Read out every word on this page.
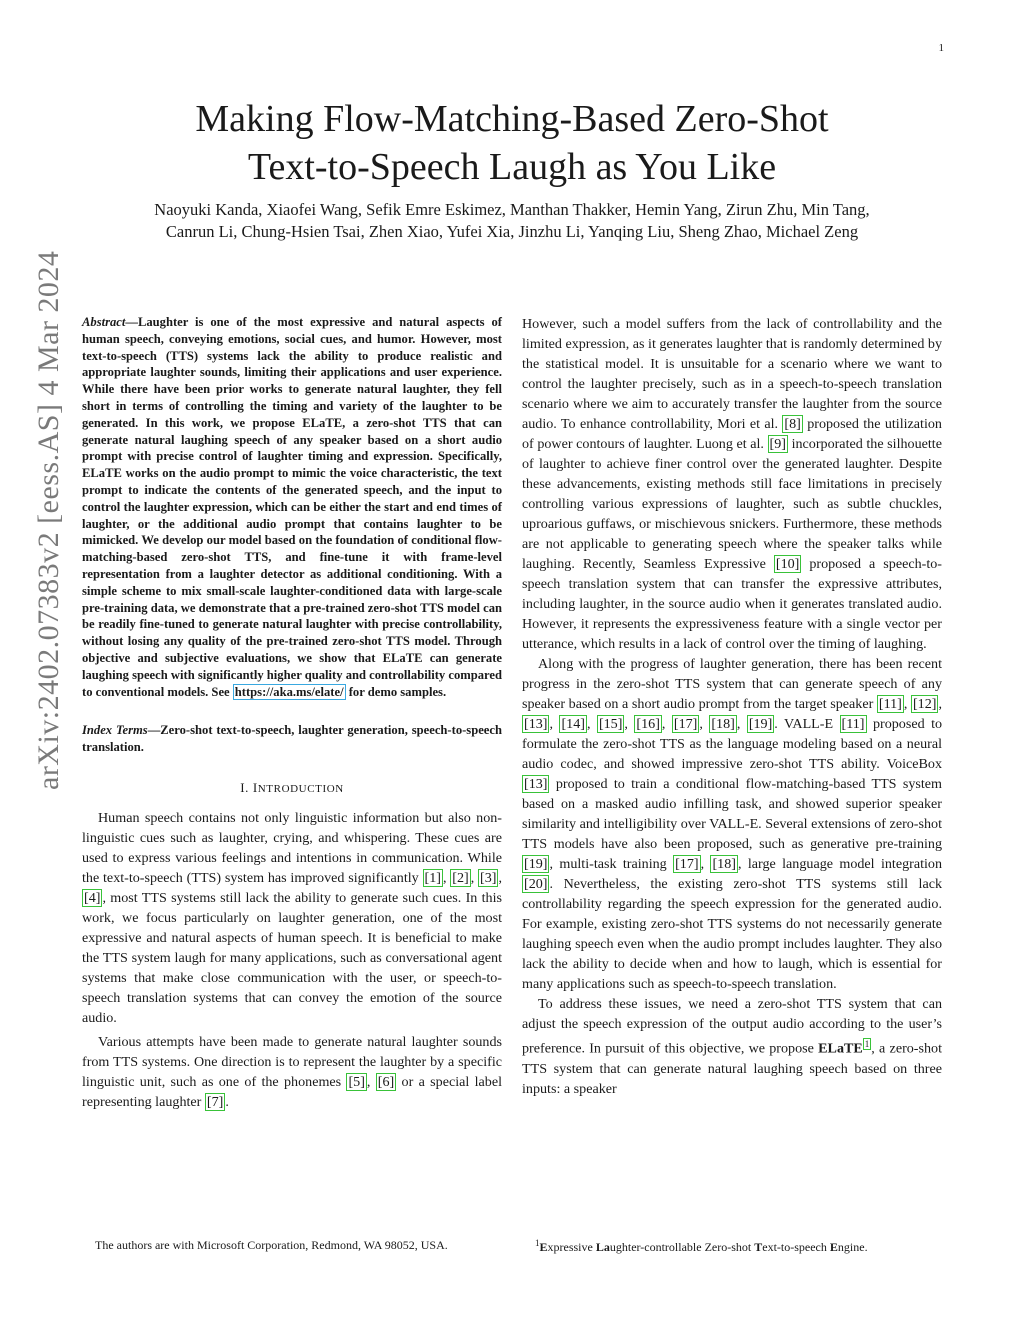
1
Making Flow-Matching-Based Zero-Shot
Text-to-Speech Laugh as You Like
Naoyuki Kanda, Xiaofei Wang, Sefik Emre Eskimez, Manthan Thakker, Hemin Yang, Zirun Zhu, Min Tang,
Canrun Li, Chung-Hsien Tsai, Zhen Xiao, Yufei Xia, Jinzhu Li, Yanqing Liu, Sheng Zhao, Michael Zeng
arXiv:2402.07383v2 [eess.AS] 4 Mar 2024 Abstract—Laughter is one of the most expressive and natural aspects of human speech, conveying emotions, social cues, and humor. However, most text-to-speech (TTS) systems lack the ability to produce realistic and appropriate laughter sounds, limiting their applications and user experience. While there have been prior works to generate natural laughter, they fell short in terms of controlling the timing and variety of the laughter to be generated. In this work, we propose ELaTE, a zero-shot TTS that can generate natural laughing speech of any speaker based on a short audio prompt with precise control of laughter timing and expression. Specifically, ELaTE works on the audio prompt to mimic the voice characteristic, the text prompt to indicate the contents of the generated speech, and the input to control the laughter expression, which can be either the start and end times of laughter, or the additional audio prompt that contains laughter to be mimicked. We develop our model based on the foundation of conditional flow-matching-based zero-shot TTS, and fine-tune it with frame-level representation from a laughter detector as additional conditioning. With a simple scheme to mix small-scale laughter-conditioned data with large-scale pre-training data, we demonstrate that a pre-trained zero-shot TTS model can be readily fine-tuned to generate natural laughter with precise controllability, without losing any quality of the pre-trained zero-shot TTS model. Through objective and subjective evaluations, we show that ELaTE can generate laughing speech with significantly higher quality and controllability compared to conventional models. See https://aka.ms/elate/ for demo samples.

Index Terms—Zero-shot text-to-speech, laughter generation, speech-to-speech translation.

I. INTRODUCTION

Human speech contains not only linguistic information but also non-linguistic cues such as laughter, crying, and whispering. These cues are used to express various feelings and intentions in communication. While the text-to-speech (TTS) system has improved significantly [1] , [2] , [3] , [4] , most TTS systems still lack the ability to generate such cues. In this work, we focus particularly on laughter generation, one of the most expressive and natural aspects of human speech. It is beneficial to make the TTS system laugh for many applications, such as conversational agent systems that make close communication with the user, or speech-to-speech translation systems that can convey the emotion of the source audio.

Various attempts have been made to generate natural laughter sounds from TTS systems. One direction is to represent the laughter by a specific linguistic unit, such as one of the phonemes [5] , [6] or a special label representing laughter [7] .

However, such a model suffers from the lack of controllability and the limited expression, as it generates laughter that is randomly determined by the statistical model. It is unsuitable for a scenario where we want to control the laughter precisely, such as in a speech-to-speech translation scenario where we aim to accurately transfer the laughter from the source audio. To enhance controllability, Mori et al. [8] proposed the utilization of power contours of laughter. Luong et al. [9] incorporated the silhouette of laughter to achieve finer control over the generated laughter. Despite these advancements, existing methods still face limitations in precisely controlling various expressions of laughter, such as subtle chuckles, uproarious guffaws, or mischievous snickers. Furthermore, these methods are not applicable to generating speech where the speaker talks while laughing. Recently, Seamless Expressive [10] proposed a speech-to-speech translation system that can transfer the expressive attributes, including laughter, in the source audio when it generates translated audio. However, it represents the expressiveness feature with a single vector per utterance, which results in a lack of control over the timing of laughing.

Along with the progress of laughter generation, there has been recent progress in the zero-shot TTS system that can generate speech of any speaker based on a short audio prompt from the target speaker [11] , [12] , [13] , [14] , [15] , [16] , [17] , [18] , [19] . VALL-E [11] proposed to formulate the zero-shot TTS as the language modeling based on a neural audio codec, and showed impressive zero-shot TTS ability. VoiceBox [13] proposed to train a conditional flow-matching-based TTS system based on a masked audio infilling task, and showed superior speaker similarity and intelligibility over VALL-E. Several extensions of zero-shot TTS models have also been proposed, such as generative pre-training [19] , multi-task training [17] , [18] , large language model integration [20] . Nevertheless, the existing zero-shot TTS systems still lack controllability regarding the speech expression for the generated audio. For example, existing zero-shot TTS systems do not necessarily generate laughing speech even when the audio prompt includes laughter. They also lack the ability to decide when and how to laugh, which is essential for many applications such as speech-to-speech translation.

To address these issues, we need a zero-shot TTS system that can adjust the speech expression of the output audio according to the user’s preference. In pursuit of this objective, we propose ELaTE $^1$ , a zero-shot TTS system that can generate natural laughing speech based on three inputs: a speaker

The authors are with Microsoft Corporation, Redmond, WA 98052, USA.	$^1$Expressive Laughter-controllable Zero-shot Text-to-speech Engine.
